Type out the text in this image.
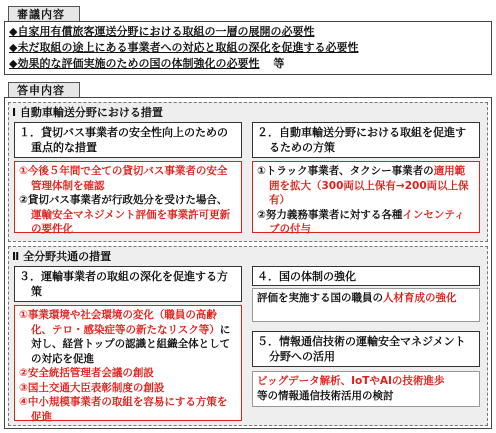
審議内容
◆自家用有償旅客運送分野における取組の一層の展開の必要性
◆未だ取組の途上にある事業者への対応と取組の深化を促進する必要性
◆効果的な評価実施のための国の体制強化の必要性 等
答申内容
Ⅰ 自動車輸送分野における措置
１．貸切バス事業者の安全性向上のための重点的な措置
２．自動車輸送分野における取組を促進するための方策
①今後５年間で全ての貸切バス事業者の安全管理体制を確認
②貸切バス事業者が行政処分を受けた場合、運輸安全マネジメント評価を事業許可更新の要件化
①トラック事業者、タクシー事業者の適用範囲を拡大（300両以上保有→200両以上保有）
②努力義務事業者に対する各種インセンティブの付与
Ⅱ 全分野共通の措置
３．運輸事業者の取組の深化を促進する方策
①事業環境や社会環境の変化（職員の高齢化、テロ・感染症等の新たなリスク等）に対し、経営トップの認識と組織全体としての対応を促進
②安全統括管理者会議の創設
③国土交通大臣表彰制度の創設
④中小規模事業者の取組を容易にする方策を促進
４．国の体制の強化
評価を実施する国の職員の人材育成の強化
５．情報通信技術の運輸安全マネジメント分野への活用
ビッグデータ解析、IoTやAIの技術進歩
等の情報通信技術活用の検討
